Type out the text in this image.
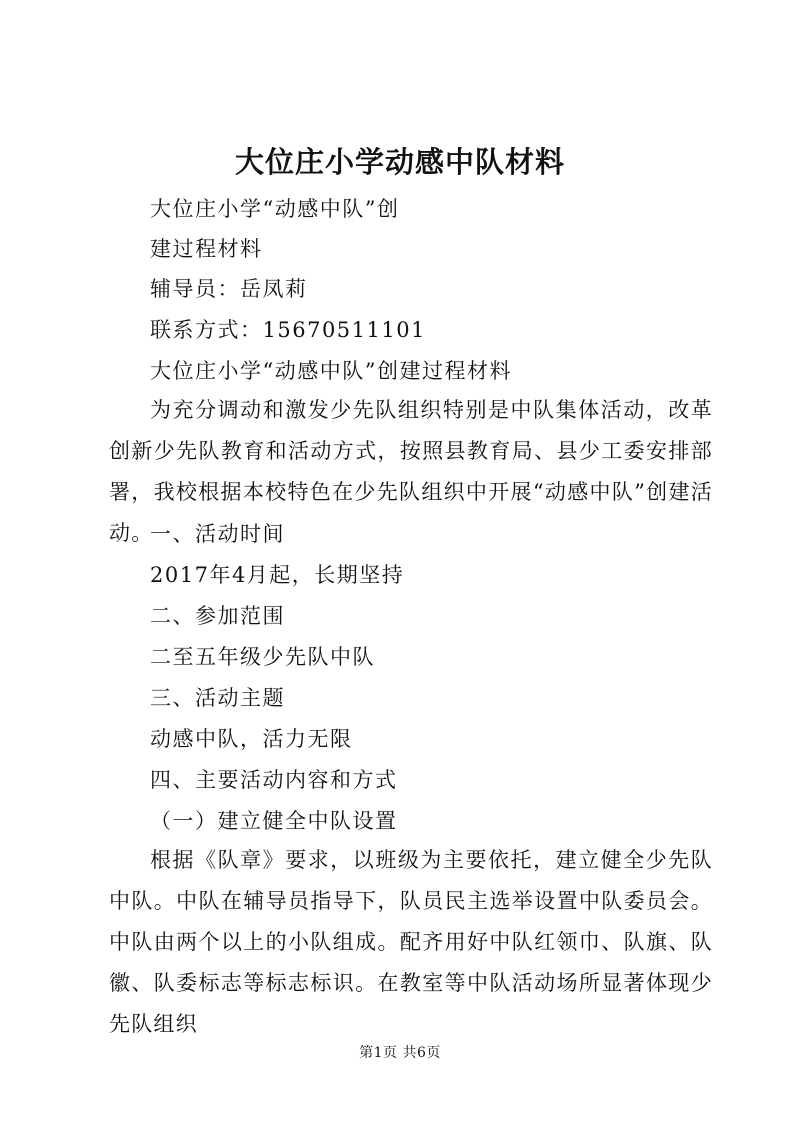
大位庄小学动感中队材料
大位庄小学“动感中队”创
建过程材料
辅导员：岳凤莉
联系方式：15670511101
大位庄小学“动感中队”创建过程材料
为充分调动和激发少先队组织特别是中队集体活动，改革创新少先队教育和活动方式，按照县教育局、县少工委安排部署，我校根据本校特色在少先队组织中开展“动感中队”创建活动。
一、活动时间
2017年4月起，长期坚持
二、参加范围
二至五年级少先队中队
三、活动主题
动感中队，活力无限
四、主要活动内容和方式
（一）建立健全中队设置
根据《队章》要求，以班级为主要依托，建立健全少先队中队。中队在辅导员指导下，队员民主选举设置中队委员会。中队由两个以上的小队组成。配齐用好中队红领巾、队旗、队徽、队委标志等标志标识。在教室等中队活动场所显著体现少先队组织
第1页 共6页
